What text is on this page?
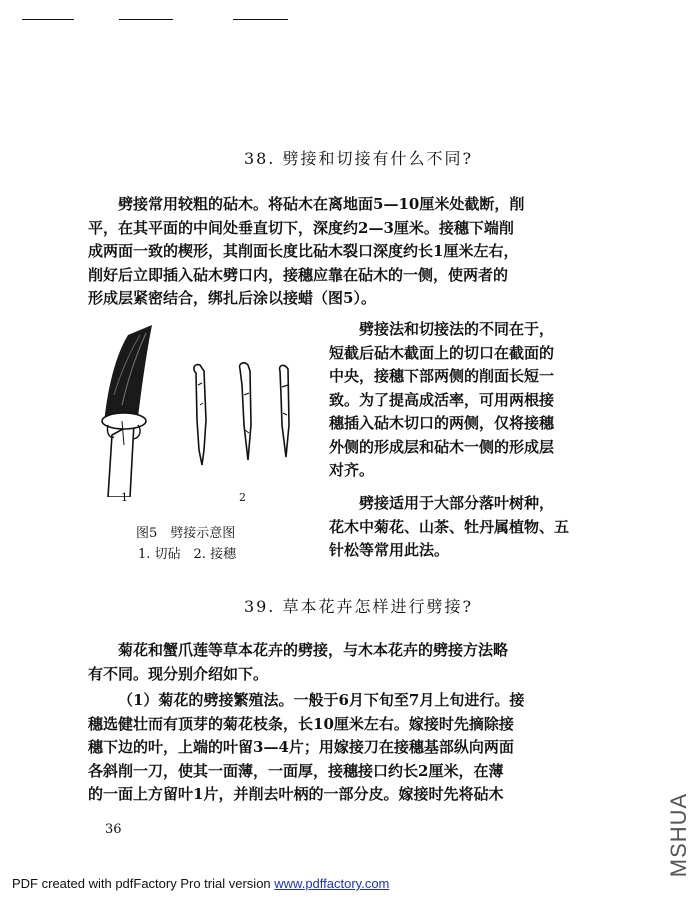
38. 劈接和切接有什么不同?
劈接常用较粗的砧木。将砧木在离地面5—10厘米处截断，削
平，在其平面的中间处垂直切下，深度约2—3厘米。接穗下端削
成两面一致的楔形，其削面长度比砧木裂口深度约长1厘米左右，
削好后立即插入砧木劈口内，接穗应靠在砧木的一侧，使两者的
形成层紧密结合，绑扎后涂以接蜡（图5）。
劈接法和切接法的不同在于，
短截后砧木截面上的切口在截面的
中央，接穗下部两侧的削面长短一
致。为了提高成活率，可用两根接
穗插入砧木切口的两侧，仅将接穗
外侧的形成层和砧木一侧的形成层
对齐。
劈接适用于大部分落叶树种，
花木中菊花、山茶、牡丹属植物、五
针松等常用此法。
1	2
图5　劈接示意图
1. 切砧　2. 接穗
39. 草本花卉怎样进行劈接?
菊花和蟹爪莲等草本花卉的劈接，与木本花卉的劈接方法略
有不同。现分别介绍如下。
（1）菊花的劈接繁殖法。一般于6月下旬至7月上旬进行。接
穗选健壮而有顶芽的菊花枝条，长10厘米左右。嫁接时先摘除接
穗下边的叶，上端的叶留3—4片；用嫁接刀在接穗基部纵向两面
各斜削一刀，使其一面薄，一面厚，接穗接口约长2厘米，在薄
的一面上方留叶1片，并削去叶柄的一部分皮。嫁接时先将砧木
36
PDF created with pdfFactory Pro trial version www.pdffactory.com
MSHUA
